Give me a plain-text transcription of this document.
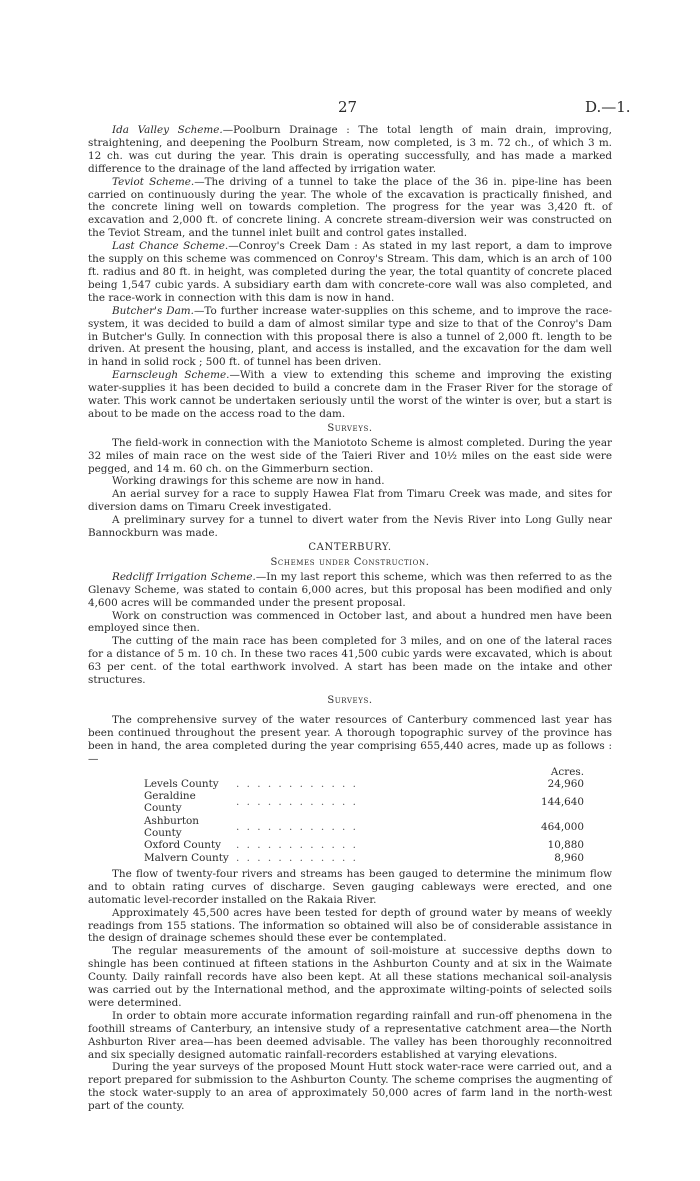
27	D.—1.

Ida Valley Scheme.—Poolburn Drainage : The total length of main drain, improving, straightening, and deepening the Poolburn Stream, now completed, is 3 m. 72 ch., of which 3 m. 12 ch. was cut during the year. This drain is operating successfully, and has made a marked difference to the drainage of the land affected by irrigation water.

Teviot Scheme.—The driving of a tunnel to take the place of the 36 in. pipe-line has been carried on continuously during the year. The whole of the excavation is practically finished, and the concrete lining well on towards completion. The progress for the year was 3,420 ft. of excavation and 2,000 ft. of concrete lining. A concrete stream-diversion weir was constructed on the Teviot Stream, and the tunnel inlet built and control gates installed.

Last Chance Scheme.—Conroy's Creek Dam : As stated in my last report, a dam to improve the supply on this scheme was commenced on Conroy's Stream. This dam, which is an arch of 100 ft. radius and 80 ft. in height, was completed during the year, the total quantity of concrete placed being 1,547 cubic yards. A subsidiary earth dam with concrete-core wall was also completed, and the race-work in connection with this dam is now in hand.

Butcher's Dam.—To further increase water-supplies on this scheme, and to improve the race-system, it was decided to build a dam of almost similar type and size to that of the Conroy's Dam in Butcher's Gully. In connection with this proposal there is also a tunnel of 2,000 ft. length to be driven. At present the housing, plant, and access is installed, and the excavation for the dam well in hand in solid rock ; 500 ft. of tunnel has been driven.

Earnscleugh Scheme.—With a view to extending this scheme and improving the existing water-supplies it has been decided to build a concrete dam in the Fraser River for the storage of water. This work cannot be undertaken seriously until the worst of the winter is over, but a start is about to be made on the access road to the dam.

Surveys.

The field-work in connection with the Maniototo Scheme is almost completed. During the year 32 miles of main race on the west side of the Taieri River and 10½ miles on the east side were pegged, and 14 m. 60 ch. on the Gimmerburn section.

Working drawings for this scheme are now in hand.

An aerial survey for a race to supply Hawea Flat from Timaru Creek was made, and sites for diversion dams on Timaru Creek investigated.

A preliminary survey for a tunnel to divert water from the Nevis River into Long Gully near Bannockburn was made.

CANTERBURY.
Schemes under Construction.

Redcliff Irrigation Scheme.—In my last report this scheme, which was then referred to as the Glenavy Scheme, was stated to contain 6,000 acres, but this proposal has been modified and only 4,600 acres will be commanded under the present proposal.

Work on construction was commenced in October last, and about a hundred men have been employed since then.

The cutting of the main race has been completed for 3 miles, and on one of the lateral races for a distance of 5 m. 10 ch. In these two races 41,500 cubic yards were excavated, which is about 63 per cent. of the total earthwork involved. A start has been made on the intake and other structures.

Surveys.

The comprehensive survey of the water resources of Canterbury commenced last year has been continued throughout the present year. A thorough topographic survey of the province has been in hand, the area completed during the year comprising 655,440 acres, made up as follows :—

		Acres.
Levels County	. . . . . . . . . . . .	24,960
Geraldine County	. . . . . . . . . . . .	144,640
Ashburton County	. . . . . . . . . . . .	464,000
Oxford County	. . . . . . . . . . . .	10,880
Malvern County	. . . . . . . . . . . .	8,960

The flow of twenty-four rivers and streams has been gauged to determine the minimum flow and to obtain rating curves of discharge. Seven gauging cableways were erected, and one automatic level-recorder installed on the Rakaia River.

Approximately 45,500 acres have been tested for depth of ground water by means of weekly readings from 155 stations. The information so obtained will also be of considerable assistance in the design of drainage schemes should these ever be contemplated.

The regular measurements of the amount of soil-moisture at successive depths down to shingle has been continued at fifteen stations in the Ashburton County and at six in the Waimate County. Daily rainfall records have also been kept. At all these stations mechanical soil-analysis was carried out by the International method, and the approximate wilting-points of selected soils were determined.

In order to obtain more accurate information regarding rainfall and run-off phenomena in the foothill streams of Canterbury, an intensive study of a representative catchment area—the North Ashburton River area—has been deemed advisable. The valley has been thoroughly reconnoitred and six specially designed automatic rainfall-recorders established at varying elevations.

During the year surveys of the proposed Mount Hutt stock water-race were carried out, and a report prepared for submission to the Ashburton County. The scheme comprises the augmenting of the stock water-supply to an area of approximately 50,000 acres of farm land in the north-west part of the county.
